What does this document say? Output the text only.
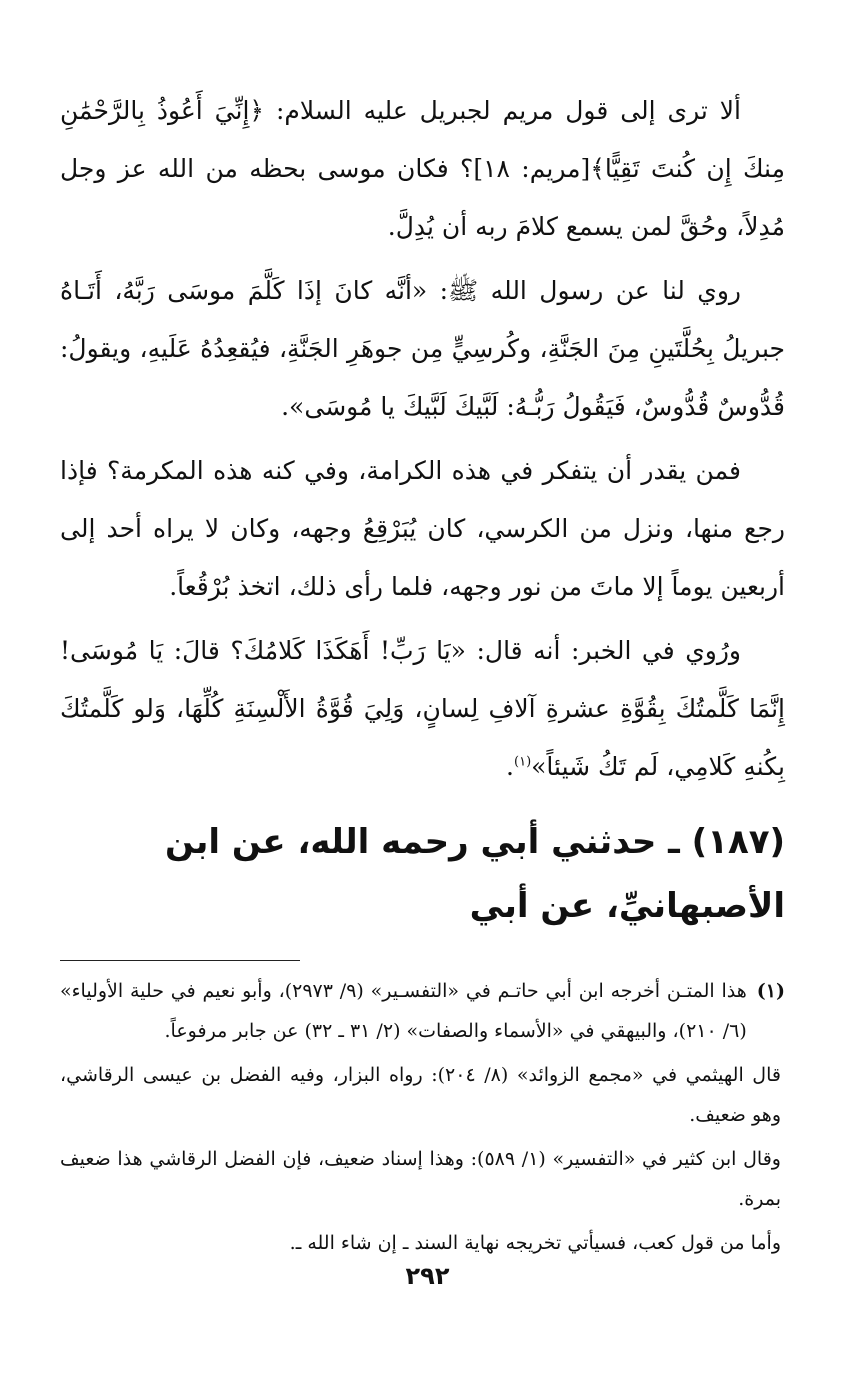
ألا ترى إلى قول مريم لجبريل عليه السلام: ﴿إِنِّيَ أَعُوذُ بِالرَّحْمَٰنِ مِنكَ إِن كُنتَ تَقِيًّا﴾[مريم: ١٨]؟ فكان موسى بحظه من الله عز وجل مُدِلاً، وحُقَّ لمن يسمع كلامَ ربه أن يُدِلَّ.

روي لنا عن رسول الله ﷺ: «أنَّه كانَ إذَا كَلَّمَ موسَى رَبَّهُ، أَتَـاهُ جبريلُ بِحُلَّتَينِ مِنَ الجَنَّةِ، وكُرسِيٍّ مِن جوهَرِ الجَنَّةِ، فيُقعِدُهُ عَلَيهِ، ويقولُ: قُدُّوسٌ قُدُّوسٌ، فَيَقُولُ رَبُّـهُ: لَبَّيكَ لَبَّيكَ يا مُوسَى».

فمن يقدر أن يتفكر في هذه الكرامة، وفي كنه هذه المكرمة؟ فإذا رجع منها، ونزل من الكرسي، كان يُبَرْقِعُ وجهه، وكان لا يراه أحد إلى أربعين يوماً إلا ماتَ من نور وجهه، فلما رأى ذلك، اتخذ بُرْقُعاً.

ورُوي في الخبر: أنه قال: «يَا رَبِّ! أَهَكَذَا كَلامُكَ؟ قالَ: يَا مُوسَى! إِنَّمَا كَلَّمتُكَ بِقُوَّةِ عشرةِ آلافِ لِسانٍ، وَلِيَ قُوَّةُ الأَلْسِنَةِ كُلِّهَا، وَلو كَلَّمتُكَ بِكُنهِ كَلامِي، لَم تَكُ شَيئاً»$^{(١)}$.

(١٨٧) ـ حدثني أبي رحمه الله، عن ابن الأصبهانيِّ، عن أبي
(١)
هذا المتـن أخرجه ابن أبي حاتـم في «التفسـير» (٩/ ٢٩٧٣)، وأبو نعيم في حلية الأولياء» (٦/ ٢١٠)، والبيهقي في «الأسماء والصفات» (٢/ ٣١ ـ ٣٢) عن جابر مرفوعاً.
قال الهيثمي في «مجمع الزوائد» (٨/ ٢٠٤): رواه البزار، وفيه الفضل بن عيسى الرقاشي، وهو ضعيف.
وقال ابن كثير في «التفسير» (١/ ٥٨٩): وهذا إسناد ضعيف، فإن الفضل الرقاشي هذا ضعيف بمرة.
وأما من قول كعب، فسيأتي تخريجه نهاية السند ـ إن شاء الله ـ.
٢٩٢
